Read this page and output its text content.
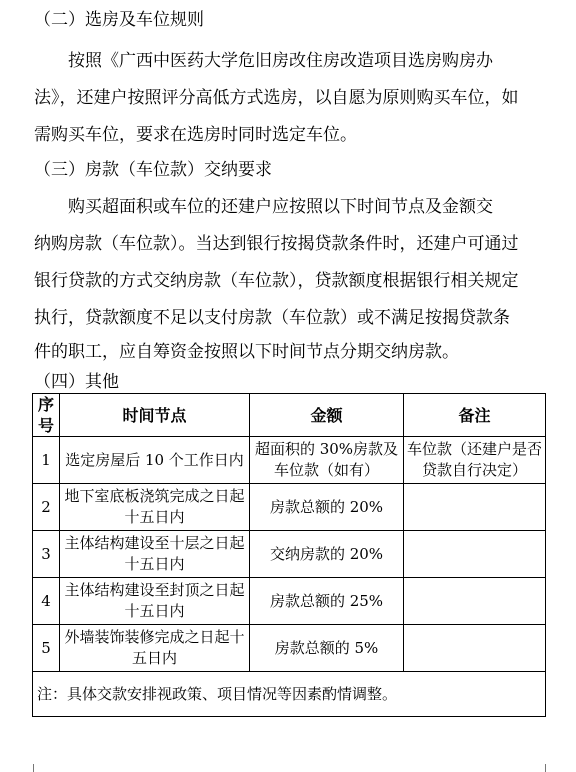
（二）选房及车位规则
按照《广西中医药大学危旧房改住房改造项目选房购房办
法》，还建户按照评分高低方式选房，以自愿为原则购买车位，如
需购买车位，要求在选房时同时选定车位。
（三）房款（车位款）交纳要求
购买超面积或车位的还建户应按照以下时间节点及金额交
纳购房款（车位款）。当达到银行按揭贷款条件时，还建户可通过
银行贷款的方式交纳房款（车位款），贷款额度根据银行相关规定
执行，贷款额度不足以支付房款（车位款）或不满足按揭贷款条
件的职工，应自筹资金按照以下时间节点分期交纳房款。
（四）其他
序号	时间节点	金额	备注
1	选定房屋后 10 个工作日内	超面积的 30%房款及车位款（如有）	车位款（还建户是否贷款自行决定）
2	地下室底板浇筑完成之日起十五日内	房款总额的 20%	
3	主体结构建设至十层之日起十五日内	交纳房款的 20%	
4	主体结构建设至封顶之日起十五日内	房款总额的 25%	
5	外墙装饰装修完成之日起十五日内	房款总额的 5%	
注：具体交款安排视政策、项目情况等因素酌情调整。			
